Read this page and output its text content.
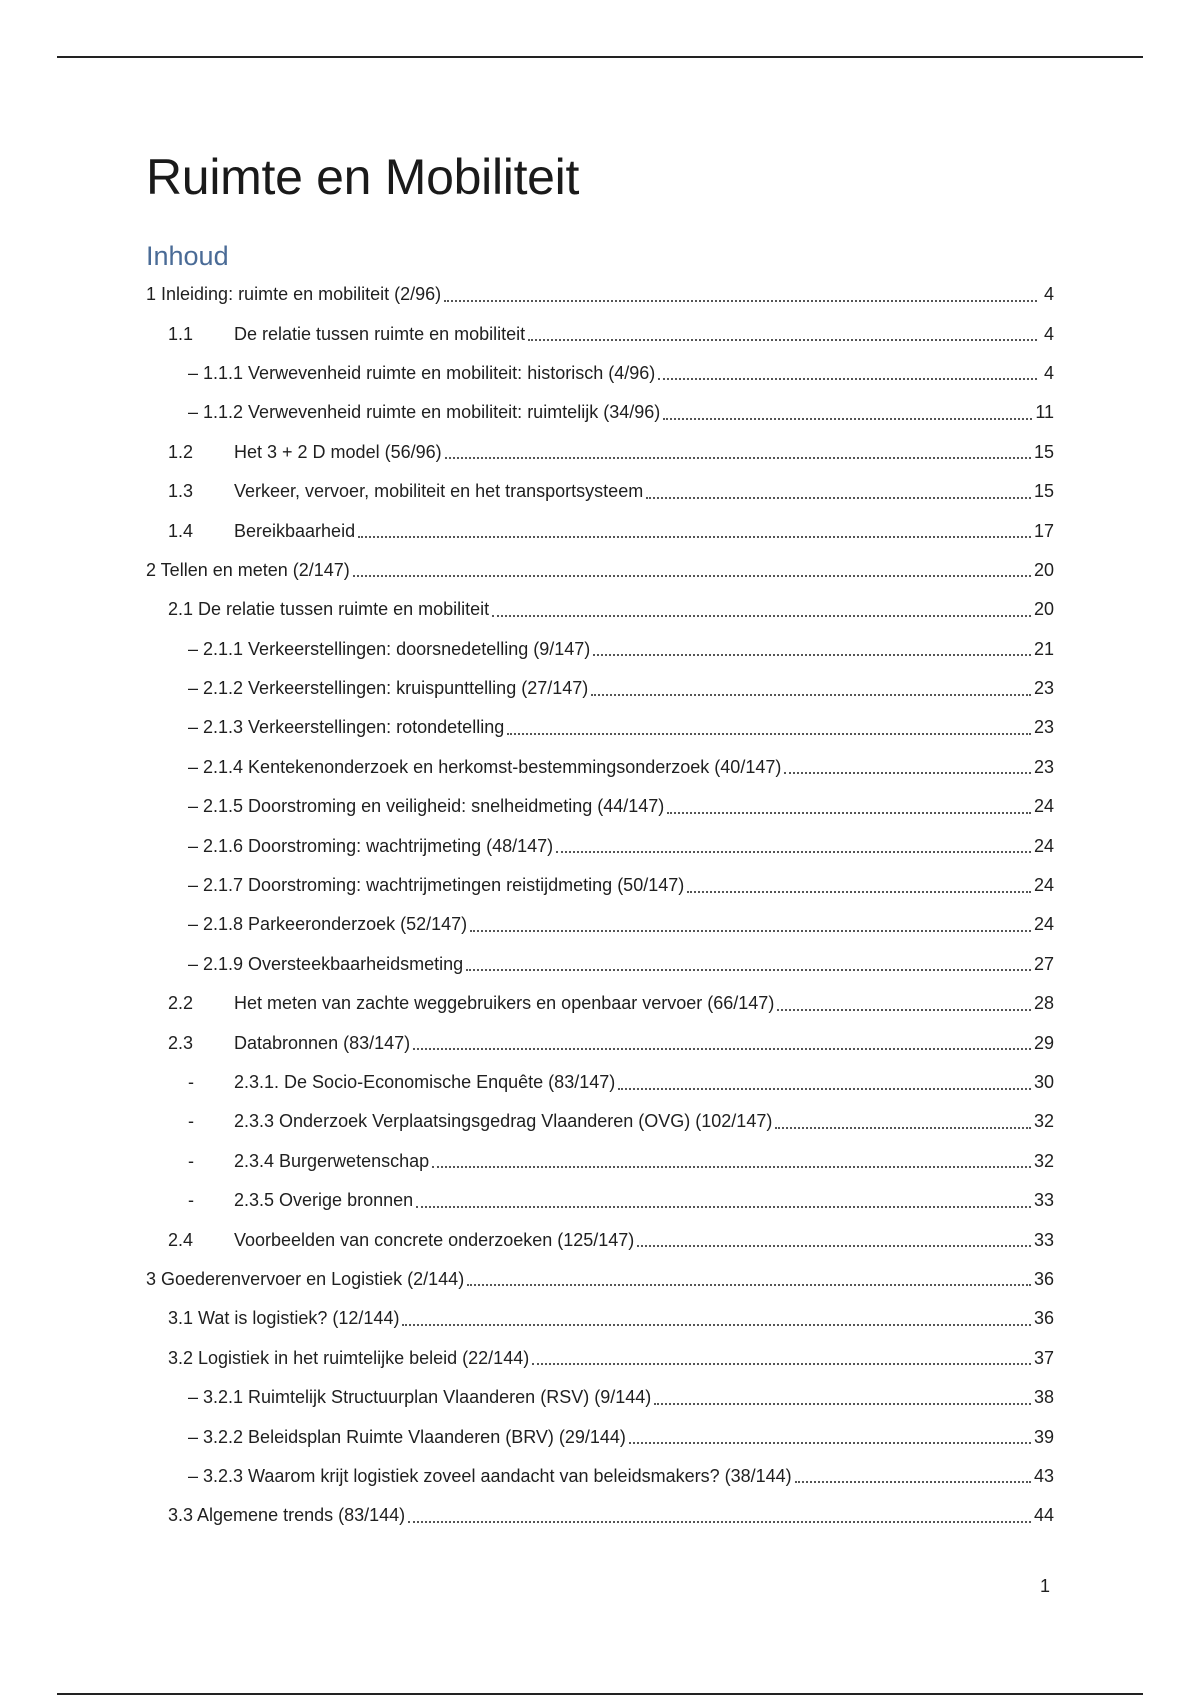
Ruimte en Mobiliteit
Inhoud
1 Inleiding: ruimte en mobiliteit (2/96)	4
1.1 De relatie tussen ruimte en mobiliteit	4
– 1.1.1 Verwevenheid ruimte en mobiliteit: historisch (4/96)	4
– 1.1.2 Verwevenheid ruimte en mobiliteit: ruimtelijk (34/96)	11
1.2 Het 3 + 2 D model (56/96)	15
1.3 Verkeer, vervoer, mobiliteit en het transportsysteem	15
1.4 Bereikbaarheid	17
2 Tellen en meten (2/147)	20
2.1 De relatie tussen ruimte en mobiliteit	20
– 2.1.1 Verkeerstellingen: doorsnedetelling (9/147)	21
– 2.1.2 Verkeerstellingen: kruispunttelling (27/147)	23
– 2.1.3 Verkeerstellingen: rotondetelling	23
– 2.1.4 Kentekenonderzoek en herkomst-bestemmingsonderzoek (40/147)	23
– 2.1.5 Doorstroming en veiligheid: snelheidmeting (44/147)	24
– 2.1.6 Doorstroming: wachtrijmeting (48/147)	24
– 2.1.7 Doorstroming: wachtrijmetingen reistijdmeting (50/147)	24
– 2.1.8 Parkeeronderzoek (52/147)	24
– 2.1.9 Oversteekbaarheidsmeting	27
2.2 Het meten van zachte weggebruikers en openbaar vervoer (66/147)	28
2.3 Databronnen (83/147)	29
- 2.3.1. De Socio-Economische Enquête (83/147)	30
- 2.3.3 Onderzoek Verplaatsingsgedrag Vlaanderen (OVG) (102/147)	32
- 2.3.4 Burgerwetenschap	32
- 2.3.5 Overige bronnen	33
2.4 Voorbeelden van concrete onderzoeken (125/147)	33
3 Goederenvervoer en Logistiek (2/144)	36
3.1 Wat is logistiek? (12/144)	36
3.2 Logistiek in het ruimtelijke beleid (22/144)	37
– 3.2.1 Ruimtelijk Structuurplan Vlaanderen (RSV) (9/144)	38
– 3.2.2 Beleidsplan Ruimte Vlaanderen (BRV) (29/144)	39
– 3.2.3 Waarom krijt logistiek zoveel aandacht van beleidsmakers? (38/144)	43
3.3 Algemene trends (83/144)	44
1
